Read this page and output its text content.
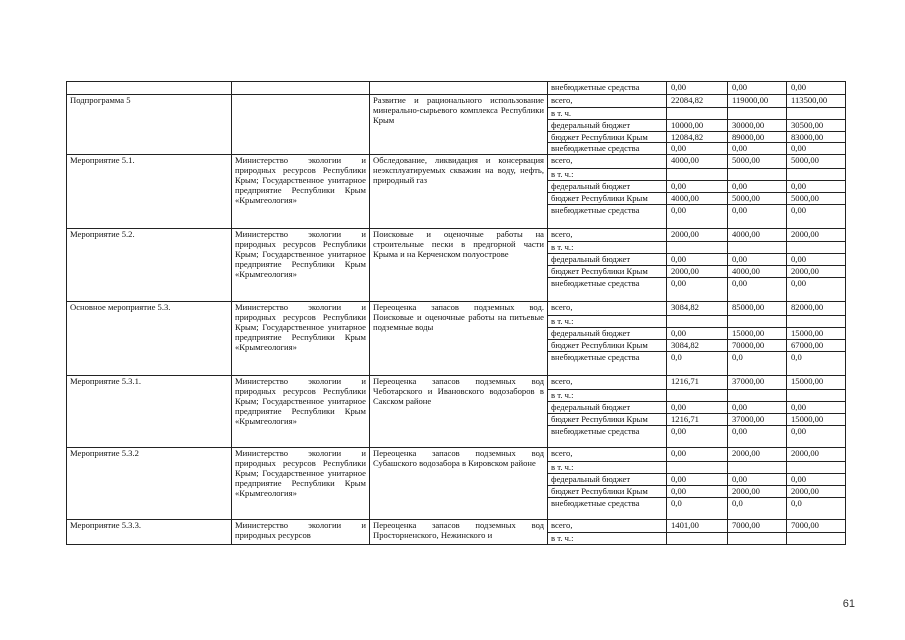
			внебюджетные средства	0,00	0,00	0,00
Подпрограмма 5		Развитие и рационального использование минерально-сырьевого комплекса Республики Крым	всего,	22084,82	119000,00	113500,00
			в т. ч.			
			федеральный бюджет	10000,00	30000,00	30500,00
			бюджет Республики Крым	12084,82	89000,00	83000,00
			внебюджетные средства	0,00	0,00	0,00
Мероприятие 5.1.	Министерство экологии и природных ресурсов Республики Крым; Государственное унитарное предприятие Республики Крым «Крымгеология»	Обследование, ликвидация и консервация неэксплуатируемых скважин на воду, нефть, природный газ	всего,	4000,00	5000,00	5000,00
			в т. ч.:			
			федеральный бюджет	0,00	0,00	0,00
			бюджет Республики Крым	4000,00	5000,00	5000,00
			внебюджетные средства	0,00	0,00	0,00
Мероприятие 5.2.	Министерство экологии и природных ресурсов Республики Крым; Государственное унитарное предприятие Республики Крым «Крымгеология»	Поисковые и оценочные работы на строительные пески в предгорной части Крыма и на Керченском полуострове	всего,	2000,00	4000,00	2000,00
			в т. ч.:			
			федеральный бюджет	0,00	0,00	0,00
			бюджет Республики Крым	2000,00	4000,00	2000,00
			внебюджетные средства	0,00	0,00	0,00
Основное мероприятие 5.3.	Министерство экологии и природных ресурсов Республики Крым; Государственное унитарное предприятие Республики Крым «Крымгеология»	Переоценка запасов подземных вод. Поисковые и оценочные работы на питьевые подземные воды	всего,	3084,82	85000,00	82000,00
			в т. ч.:			
			федеральный бюджет	0,00	15000,00	15000,00
			бюджет Республики Крым	3084,82	70000,00	67000,00
			внебюджетные средства	0,0	0,0	0,0
Мероприятие 5.3.1.	Министерство экологии и природных ресурсов Республики Крым; Государственное унитарное предприятие Республики Крым «Крымгеология»	Переоценка запасов подземных вод Чеботарского и Ивановского водозаборов в Сакском районе	всего,	1216,71	37000,00	15000,00
			в т. ч.:			
			федеральный бюджет	0,00	0,00	0,00
			бюджет Республики Крым	1216,71	37000,00	15000,00
			внебюджетные средства	0,00	0,00	0,00
Мероприятие 5.3.2	Министерство экологии и природных ресурсов Республики Крым; Государственное унитарное предприятие Республики Крым «Крымгеология»	Переоценка запасов подземных вод Субашского водозабора в Кировском районе	всего,	0,00	2000,00	2000,00
			в т. ч.:			
			федеральный бюджет	0,00	0,00	0,00
			бюджет Республики Крым	0,00	2000,00	2000,00
			внебюджетные средства	0,0	0,0	0,0
Мероприятие 5.3.3.	Министерство экологии и природных ресурсов	Переоценка запасов подземных вод Просторненского, Нежинского и	всего,	1401,00	7000,00	7000,00
			в т. ч.:			
61
